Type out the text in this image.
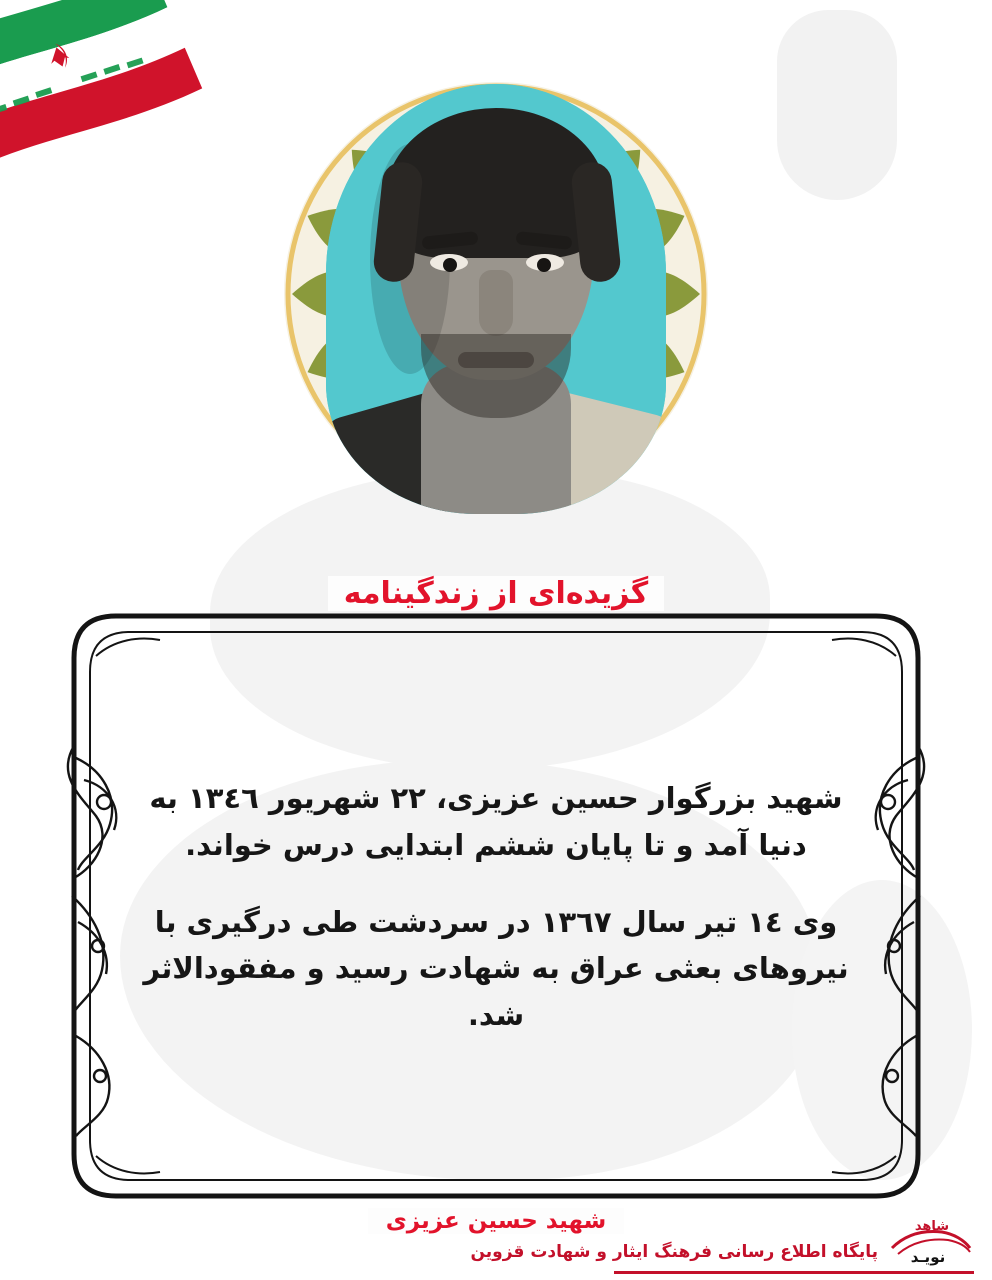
گزیده‌ای از زندگینامه

شهید بزرگوار حسین عزیزی، ۲۲ شهریور ۱۳٤٦ به دنیا آمد و تا پایان ششم ابتدایی درس خواند.

وی ۱٤ تیر سال ۱۳٦۷ در سردشت طی درگیری با نیروهای بعثی عراق به شهادت رسید و مفقودالاثر شد.

شهید حسین عزیزی	شاهد
نویـد
پایگاه اطلاع رسانی فرهنگ ایثار و شهادت قزوین
